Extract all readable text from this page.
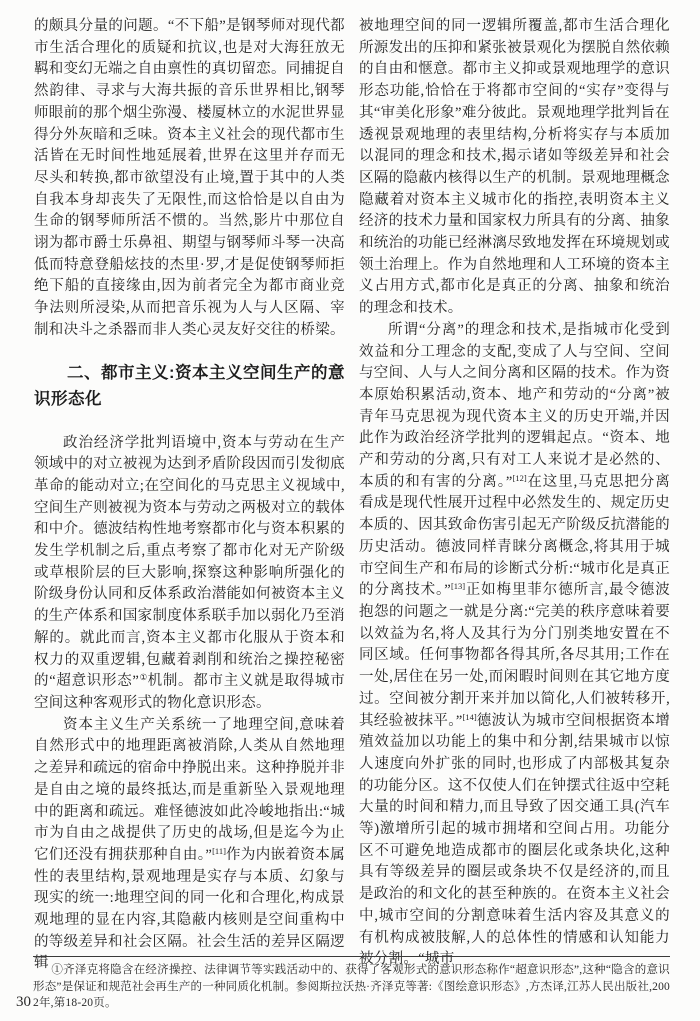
的颇具分量的问题。“不下船”是钢琴师对现代都市生活合理化的质疑和抗议,也是对大海狂放无羁和变幻无端之自由禀性的真切留恋。同捕捉自然韵律、寻求与大海共振的音乐世界相比,钢琴师眼前的那个烟尘弥漫、楼厦林立的水泥世界显得分外灰暗和乏味。资本主义社会的现代都市生活皆在无时间性地延展着,世界在这里并存而无尽头和转换,都市欲望没有止境,置于其中的人类自我本身却丧失了无限性,而这恰恰是以自由为生命的钢琴师所活不惯的。当然,影片中那位自诩为都市爵士乐鼻祖、期望与钢琴师斗琴一决高低而特意登船炫技的杰里·罗,才是促使钢琴师拒绝下船的直接缘由,因为前者完全为都市商业竞争法则所浸染,从而把音乐视为人与人区隔、宰制和决斗之杀器而非人类心灵友好交往的桥梁。

二、都市主义:资本主义空间生产的意识形态化

政治经济学批判语境中,资本与劳动在生产领域中的对立被视为达到矛盾阶段因而引发彻底革命的能动对立;在空间化的马克思主义视域中,空间生产则被视为资本与劳动之两极对立的载体和中介。德波结构性地考察都市化与资本积累的发生学机制之后,重点考察了都市化对无产阶级或草根阶层的巨大影响,探察这种影响所强化的阶级身份认同和反体系政治潜能如何被资本主义的生产体系和国家制度体系联手加以弱化乃至消解的。就此而言,资本主义都市化服从于资本和权力的双重逻辑,包藏着剥削和统治之操控秘密的“超意识形态”①机制。都市主义就是取得城市空间这种客观形式的物化意识形态。

资本主义生产关系统一了地理空间,意味着自然形式中的地理距离被消除,人类从自然地理之差异和疏远的宿命中挣脱出来。这种挣脱并非是自由之境的最终抵达,而是重新坠入景观地理中的距离和疏远。难怪德波如此冷峻地指出:“城市为自由之战提供了历史的战场,但是迄今为止它们还没有拥获那种自由。”[11]作为内嵌着资本属性的表里结构,景观地理是实存与本质、幻象与现实的统一:地理空间的同一化和合理化,构成景观地理的显在内容,其隐蔽内核则是空间重构中的等级差异和社会区隔。社会生活的差异区隔逻辑

被地理空间的同一逻辑所覆盖,都市生活合理化所源发出的压抑和紧张被景观化为摆脱自然依赖的自由和惬意。都市主义抑或景观地理学的意识形态功能,恰恰在于将都市空间的“实存”变得与其“审美化形象”难分彼此。景观地理学批判旨在透视景观地理的表里结构,分析将实存与本质加以混同的理念和技术,揭示诸如等级差异和社会区隔的隐蔽内核得以生产的机制。景观地理概念隐藏着对资本主义城市化的指控,表明资本主义经济的技术力量和国家权力所具有的分离、抽象和统治的功能已经淋漓尽致地发挥在环境规划或领土治理上。作为自然地理和人工环境的资本主义占用方式,都市化是真正的分离、抽象和统治的理念和技术。

所谓“分离”的理念和技术,是指城市化受到效益和分工理念的支配,变成了人与空间、空间与空间、人与人之间分离和区隔的技术。作为资本原始积累活动,资本、地产和劳动的“分离”被青年马克思视为现代资本主义的历史开端,并因此作为政治经济学批判的逻辑起点。“资本、地产和劳动的分离,只有对工人来说才是必然的、本质的和有害的分离。”[12]在这里,马克思把分离看成是现代性展开过程中必然发生的、规定历史本质的、因其致命伤害引起无产阶级反抗潜能的历史活动。德波同样青睐分离概念,将其用于城市空间生产和布局的诊断式分析:“城市化是真正的分离技术。”[13]正如梅里菲尔德所言,最令德波抱怨的问题之一就是分离:“完美的秩序意味着要以效益为名,将人及其行为分门别类地安置在不同区域。任何事物都各得其所,各尽其用;工作在一处,居住在另一处,而闲暇时间则在其它地方度过。空间被分割开来并加以简化,人们被转移开,其经验被抹平。”[14]德波认为城市空间根据资本增殖效益加以功能上的集中和分割,结果城市以惊人速度向外扩张的同时,也形成了内部极其复杂的功能分区。这不仅使人们在钟摆式往返中空耗大量的时间和精力,而且导致了因交通工具(汽车等)激增所引起的城市拥堵和空间占用。功能分区不可避免地造成都市的圈层化或条块化,这种具有等级差异的圈层或条块不仅是经济的,而且是政治的和文化的甚至种族的。在资本主义社会中,城市空间的分割意味着生活内容及其意义的有机构成被肢解,人的总体性的情感和认知能力被分割。“城市

①齐泽克将隐含在经济操控、法律调节等实践活动中的、获得了客观形式的意识形态称作“超意识形态”,这种“隐含的意识形态”是保证和规范社会再生产的一种同质化机制。参阅斯拉沃热·齐泽克等著:《图绘意识形态》,方杰译,江苏人民出版社,2002年,第18-20页。

30
